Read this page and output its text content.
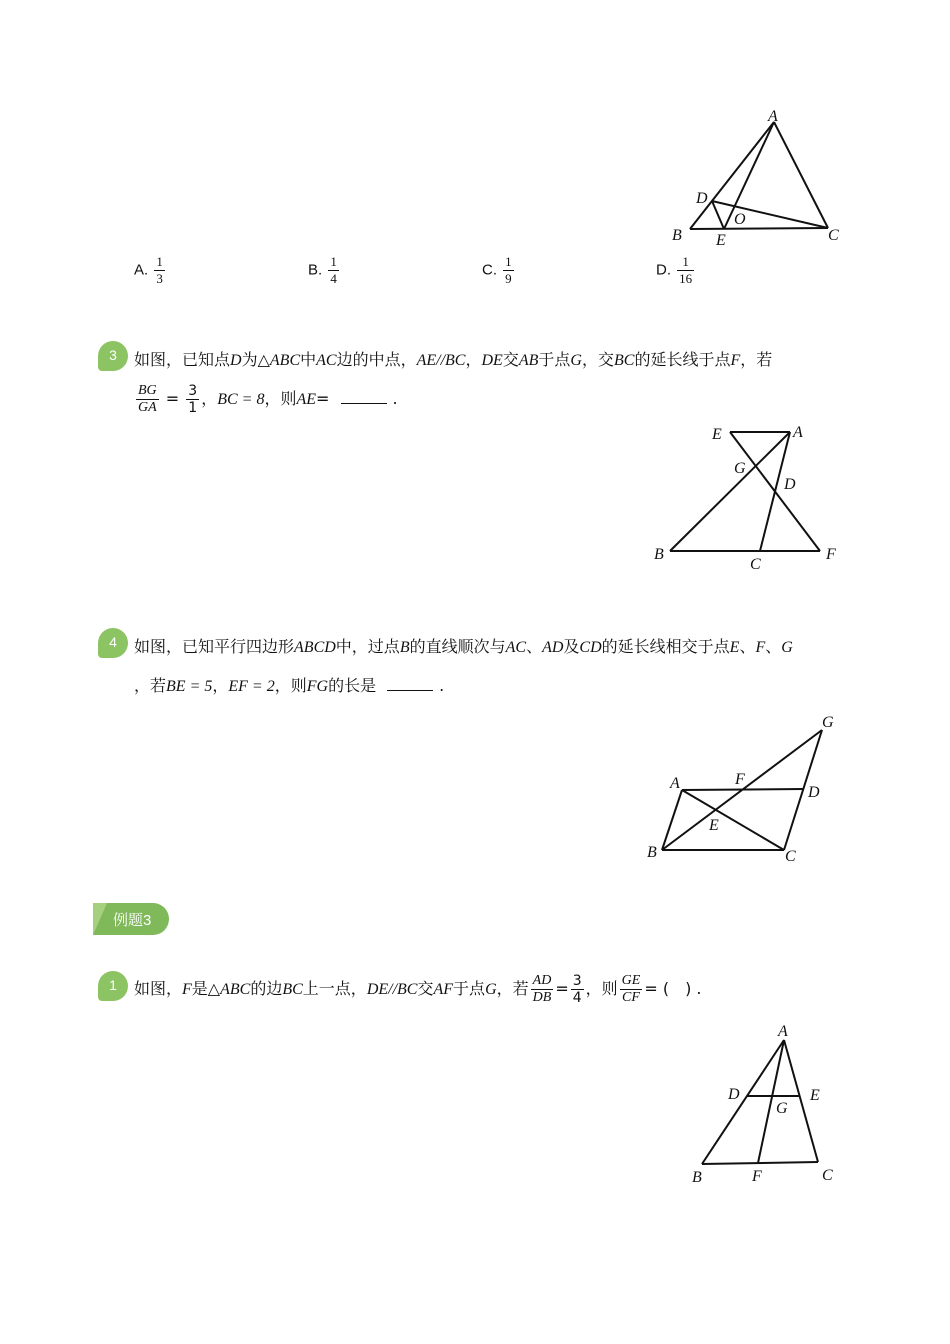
A
D
O
B E	C
A. $\frac{1}{3}$	B. $\frac{1}{4}$	C. $\frac{1}{9}$	D. $\frac{1}{16}$
3	如图，已知点D为△ABC中AC边的中点，AE//BC，DE交AB于点G，交BC的延长线于点F，若
$\frac{BG}{GA} = \frac{3}{1}$ ，BC = 8，则AE=	.
E	A
G
D
B
C
F
4	如图，已知平行四边形ABCD中，过点B的直线顺次与AC、AD及CD的延长线相交于点E、F、G
，若BE = 5，EF = 2，则FG的长是	.
G
A	F
D
E
B	C
例题3
1	如图，F是△ABC的边BC上一点，DE//BC交AF于点G，若 $\frac{AD}{DB} = \frac{3}{4}$ ，则 $\frac{GE}{CF}$ = (　) .
A
D	E
G
B	F	C
